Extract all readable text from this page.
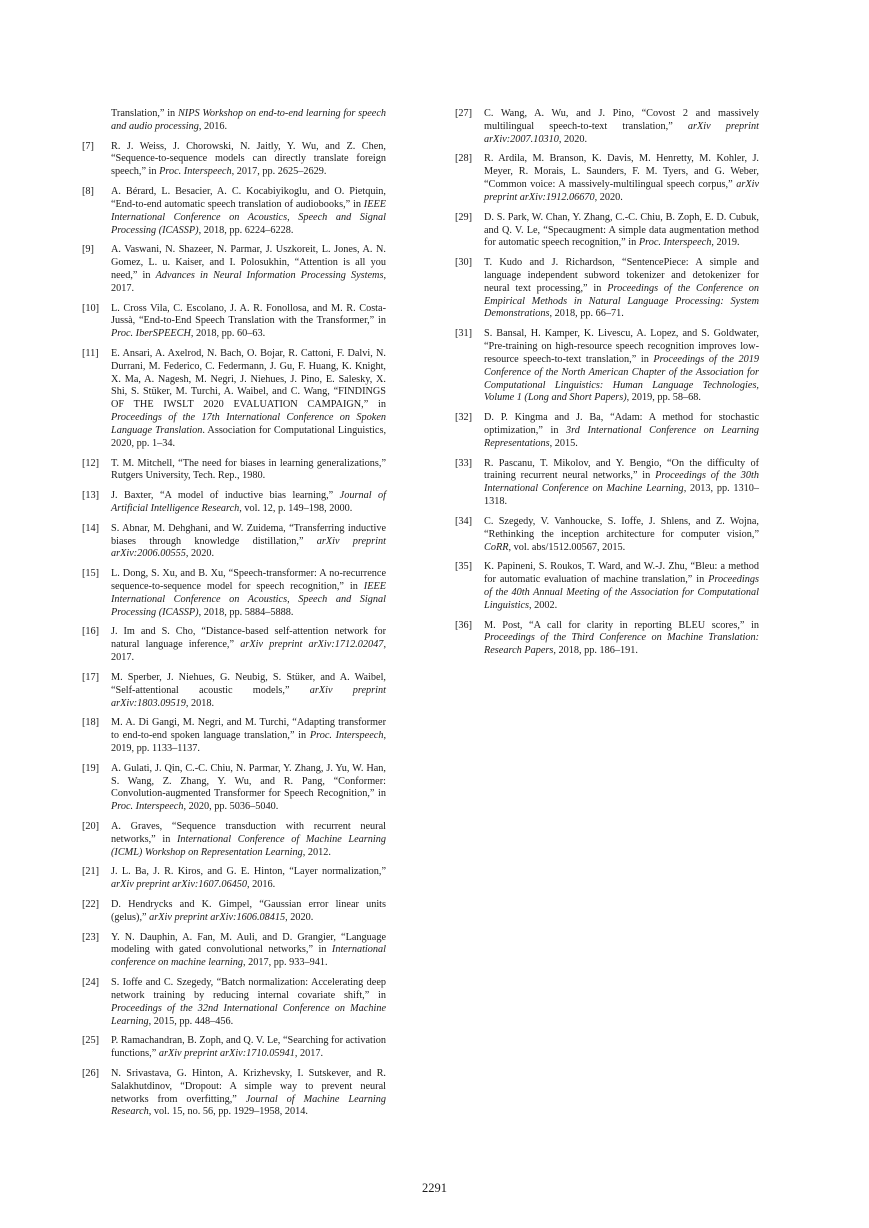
Translation,” in NIPS Workshop on end-to-end learning for speech and audio processing, 2016.
[7]	R. J. Weiss, J. Chorowski, N. Jaitly, Y. Wu, and Z. Chen, “Sequence-to-sequence models can directly translate foreign speech,” in Proc. Interspeech, 2017, pp. 2625–2629.
[8]	A. Bérard, L. Besacier, A. C. Kocabiyikoglu, and O. Pietquin, “End-to-end automatic speech translation of audiobooks,” in IEEE International Conference on Acoustics, Speech and Signal Processing (ICASSP), 2018, pp. 6224–6228.
[9]	A. Vaswani, N. Shazeer, N. Parmar, J. Uszkoreit, L. Jones, A. N. Gomez, L. u. Kaiser, and I. Polosukhin, “Attention is all you need,” in Advances in Neural Information Processing Systems, 2017.
[10]	L. Cross Vila, C. Escolano, J. A. R. Fonollosa, and M. R. Costa-Jussà, “End-to-End Speech Translation with the Transformer,” in Proc. IberSPEECH, 2018, pp. 60–63.
[11]	E. Ansari, A. Axelrod, N. Bach, O. Bojar, R. Cattoni, F. Dalvi, N. Durrani, M. Federico, C. Federmann, J. Gu, F. Huang, K. Knight, X. Ma, A. Nagesh, M. Negri, J. Niehues, J. Pino, E. Salesky, X. Shi, S. Stüker, M. Turchi, A. Waibel, and C. Wang, “FINDINGS OF THE IWSLT 2020 EVALUATION CAMPAIGN,” in Proceedings of the 17th International Conference on Spoken Language Translation. Association for Computational Linguistics, 2020, pp. 1–34.
[12]	T. M. Mitchell, “The need for biases in learning generalizations,” Rutgers University, Tech. Rep., 1980.
[13]	J. Baxter, “A model of inductive bias learning,” Journal of Artificial Intelligence Research, vol. 12, p. 149–198, 2000.
[14]	S. Abnar, M. Dehghani, and W. Zuidema, “Transferring inductive biases through knowledge distillation,” arXiv preprint arXiv:2006.00555, 2020.
[15]	L. Dong, S. Xu, and B. Xu, “Speech-transformer: A no-recurrence sequence-to-sequence model for speech recognition,” in IEEE International Conference on Acoustics, Speech and Signal Processing (ICASSP), 2018, pp. 5884–5888.
[16]	J. Im and S. Cho, “Distance-based self-attention network for natural language inference,” arXiv preprint arXiv:1712.02047, 2017.
[17]	M. Sperber, J. Niehues, G. Neubig, S. Stüker, and A. Waibel, “Self-attentional acoustic models,” arXiv preprint arXiv:1803.09519, 2018.
[18]	M. A. Di Gangi, M. Negri, and M. Turchi, “Adapting transformer to end-to-end spoken language translation,” in Proc. Interspeech, 2019, pp. 1133–1137.
[19]	A. Gulati, J. Qin, C.-C. Chiu, N. Parmar, Y. Zhang, J. Yu, W. Han, S. Wang, Z. Zhang, Y. Wu, and R. Pang, “Conformer: Convolution-augmented Transformer for Speech Recognition,” in Proc. Interspeech, 2020, pp. 5036–5040.
[20]	A. Graves, “Sequence transduction with recurrent neural networks,” in International Conference of Machine Learning (ICML) Workshop on Representation Learning, 2012.
[21]	J. L. Ba, J. R. Kiros, and G. E. Hinton, “Layer normalization,” arXiv preprint arXiv:1607.06450, 2016.
[22]	D. Hendrycks and K. Gimpel, “Gaussian error linear units (gelus),” arXiv preprint arXiv:1606.08415, 2020.
[23]	Y. N. Dauphin, A. Fan, M. Auli, and D. Grangier, “Language modeling with gated convolutional networks,” in International conference on machine learning, 2017, pp. 933–941.
[24]	S. Ioffe and C. Szegedy, “Batch normalization: Accelerating deep network training by reducing internal covariate shift,” in Proceedings of the 32nd International Conference on Machine Learning, 2015, pp. 448–456.
[25]	P. Ramachandran, B. Zoph, and Q. V. Le, “Searching for activation functions,” arXiv preprint arXiv:1710.05941, 2017.
[26]	N. Srivastava, G. Hinton, A. Krizhevsky, I. Sutskever, and R. Salakhutdinov, “Dropout: A simple way to prevent neural networks from overfitting,” Journal of Machine Learning Research, vol. 15, no. 56, pp. 1929–1958, 2014.
[27]	C. Wang, A. Wu, and J. Pino, “Covost 2 and massively multilingual speech-to-text translation,” arXiv preprint arXiv:2007.10310, 2020.
[28]	R. Ardila, M. Branson, K. Davis, M. Henretty, M. Kohler, J. Meyer, R. Morais, L. Saunders, F. M. Tyers, and G. Weber, “Common voice: A massively-multilingual speech corpus,” arXiv preprint arXiv:1912.06670, 2020.
[29]	D. S. Park, W. Chan, Y. Zhang, C.-C. Chiu, B. Zoph, E. D. Cubuk, and Q. V. Le, “Specaugment: A simple data augmentation method for automatic speech recognition,” in Proc. Interspeech, 2019.
[30]	T. Kudo and J. Richardson, “SentencePiece: A simple and language independent subword tokenizer and detokenizer for neural text processing,” in Proceedings of the Conference on Empirical Methods in Natural Language Processing: System Demonstrations, 2018, pp. 66–71.
[31]	S. Bansal, H. Kamper, K. Livescu, A. Lopez, and S. Goldwater, “Pre-training on high-resource speech recognition improves low-resource speech-to-text translation,” in Proceedings of the 2019 Conference of the North American Chapter of the Association for Computational Linguistics: Human Language Technologies, Volume 1 (Long and Short Papers), 2019, pp. 58–68.
[32]	D. P. Kingma and J. Ba, “Adam: A method for stochastic optimization,” in 3rd International Conference on Learning Representations, 2015.
[33]	R. Pascanu, T. Mikolov, and Y. Bengio, “On the difficulty of training recurrent neural networks,” in Proceedings of the 30th International Conference on Machine Learning, 2013, pp. 1310–1318.
[34]	C. Szegedy, V. Vanhoucke, S. Ioffe, J. Shlens, and Z. Wojna, “Rethinking the inception architecture for computer vision,” CoRR, vol. abs/1512.00567, 2015.
[35]	K. Papineni, S. Roukos, T. Ward, and W.-J. Zhu, “Bleu: a method for automatic evaluation of machine translation,” in Proceedings of the 40th Annual Meeting of the Association for Computational Linguistics, 2002.
[36]	M. Post, “A call for clarity in reporting BLEU scores,” in Proceedings of the Third Conference on Machine Translation: Research Papers, 2018, pp. 186–191.
2291
